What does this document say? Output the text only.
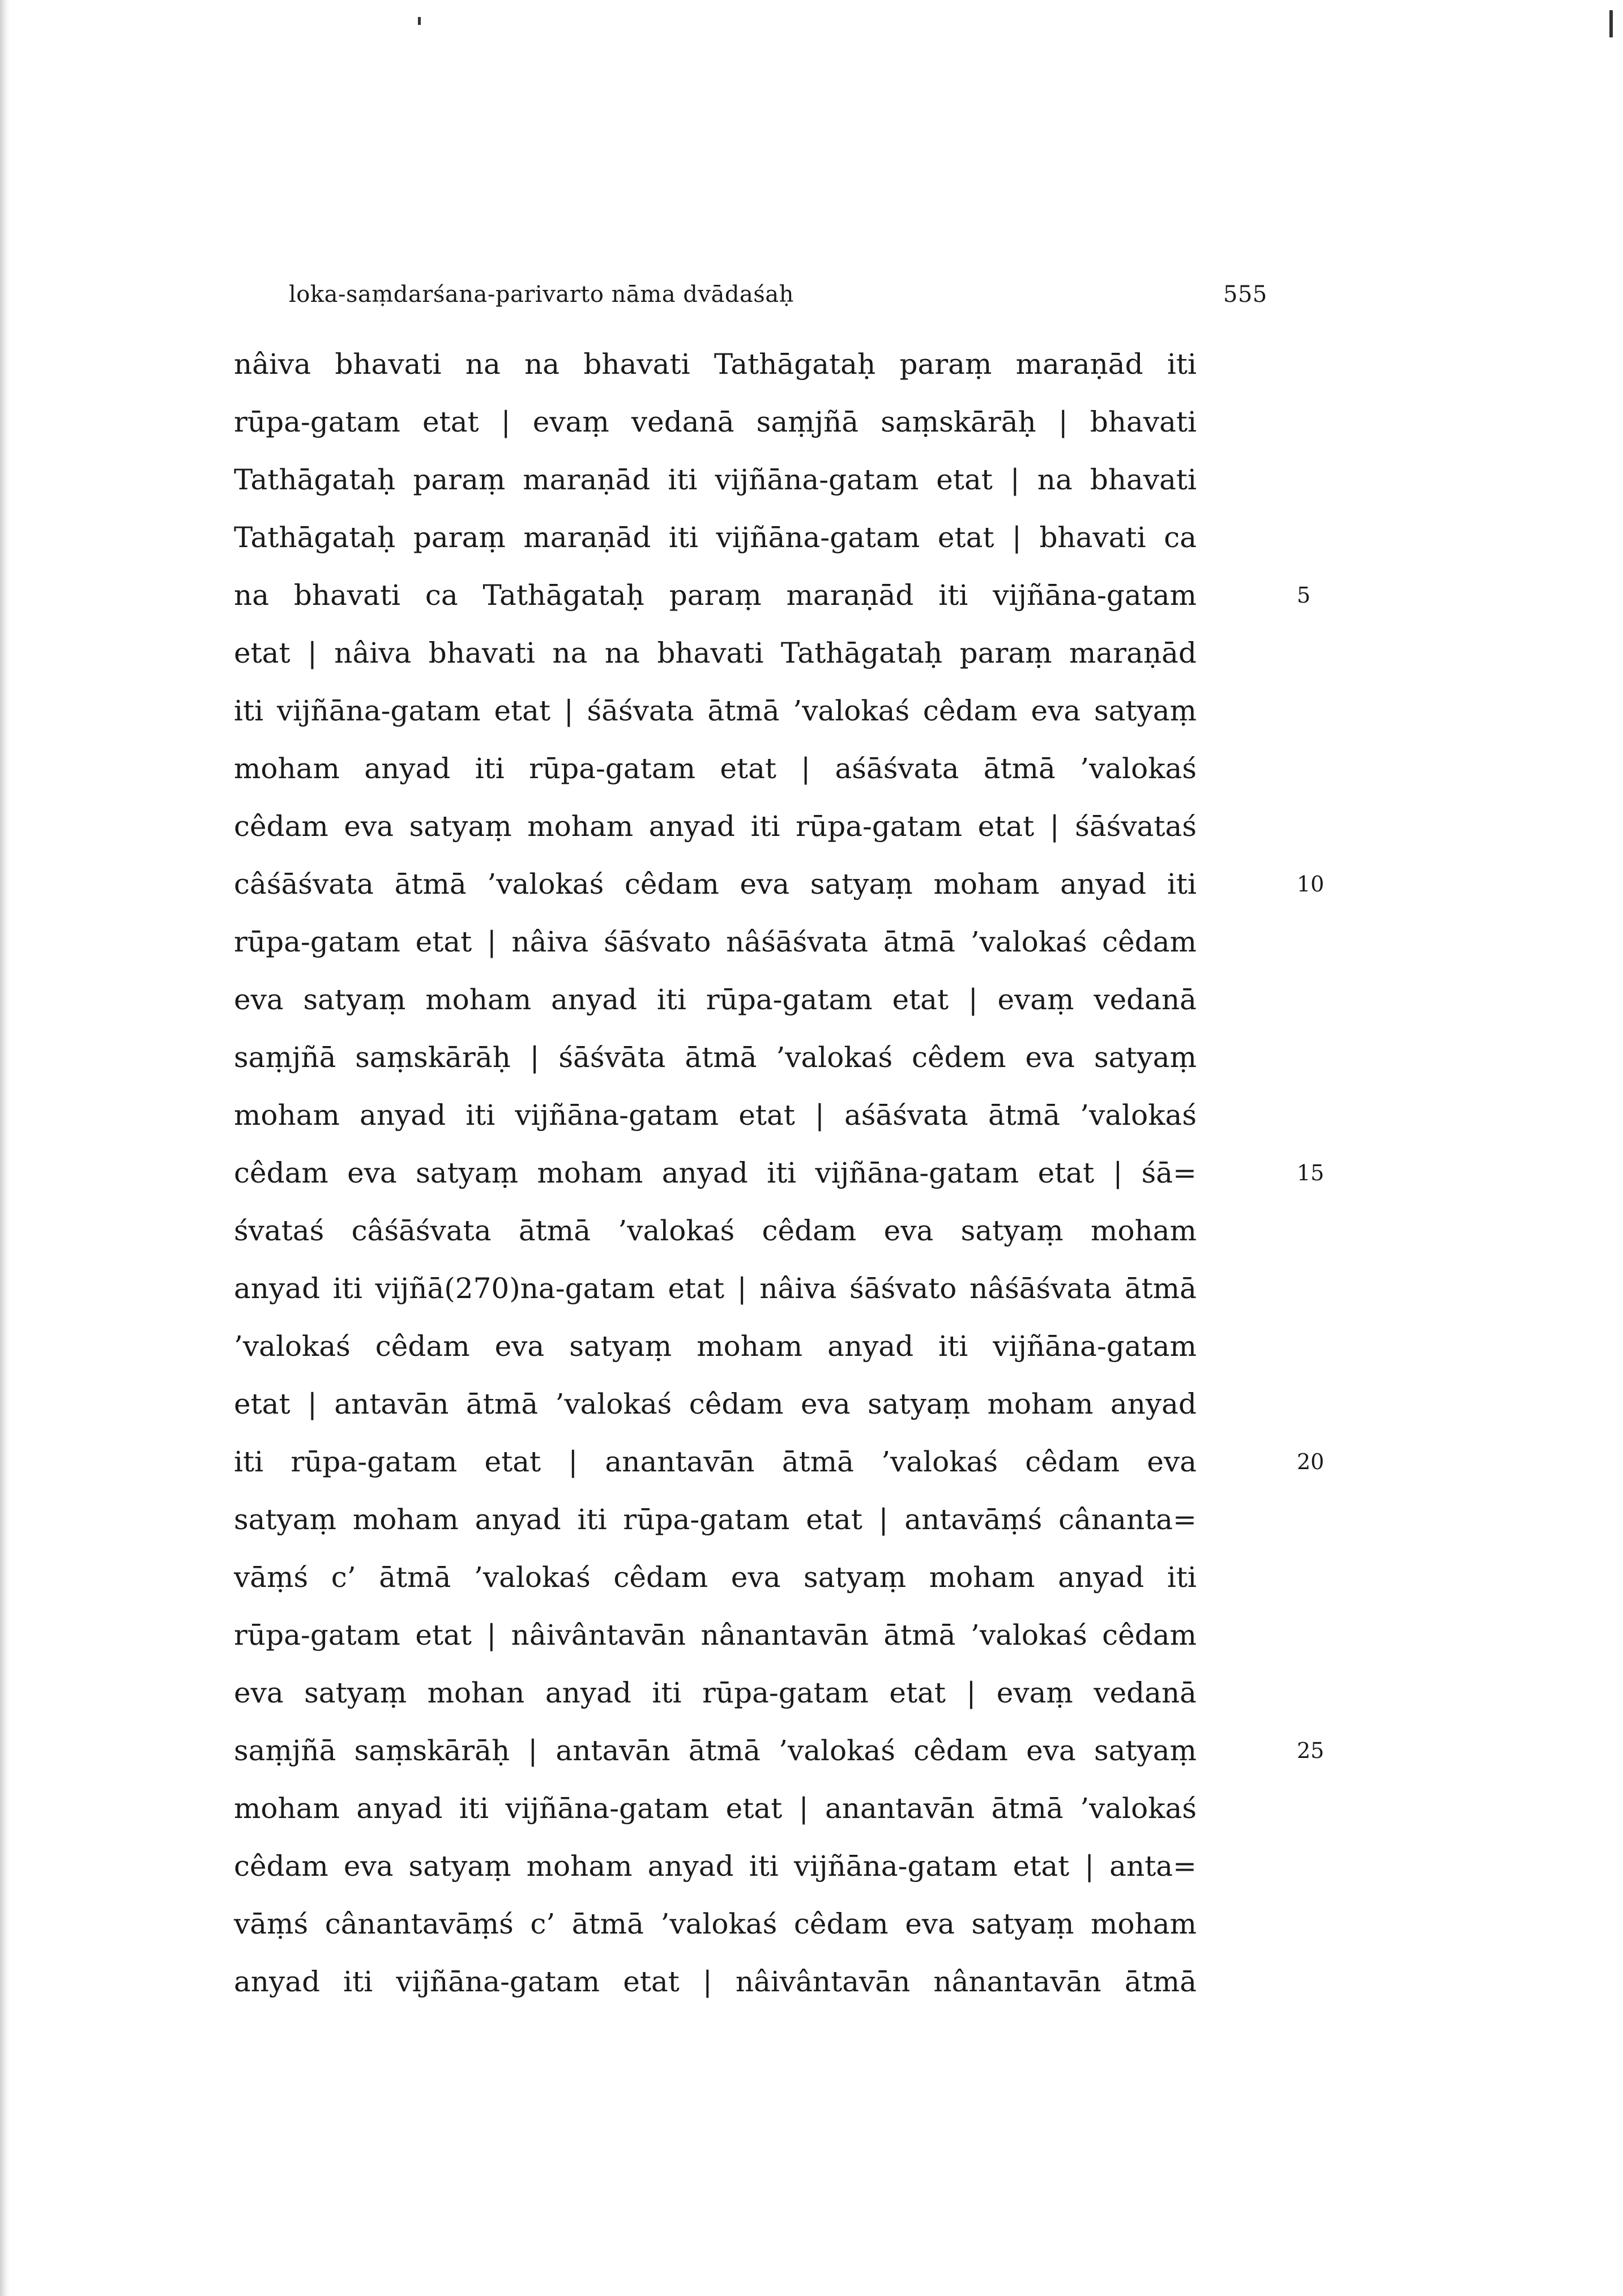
loka-saṃdarśana-parivarto nāma dvādaśaḥ	555
nâiva bhavati na na bhavati Tathāgataḥ paraṃ maraṇād iti
rūpa-gatam etat | evaṃ vedanā saṃjñā saṃskārāḥ | bhavati
Tathāgataḥ paraṃ maraṇād iti vijñāna-gatam etat | na bhavati
Tathāgataḥ paraṃ maraṇād iti vijñāna-gatam etat | bhavati ca
na bhavati ca Tathāgataḥ paraṃ maraṇād iti vijñāna-gatam
etat | nâiva bhavati na na bhavati Tathāgataḥ paraṃ maraṇād
iti vijñāna-gatam etat | śāśvata ātmā ’valokaś cêdam eva satyaṃ
moham anyad iti rūpa-gatam etat | aśāśvata ātmā ’valokaś
cêdam eva satyaṃ moham anyad iti rūpa-gatam etat | śāśvataś
câśāśvata ātmā ’valokaś cêdam eva satyaṃ moham anyad iti
rūpa-gatam etat | nâiva śāśvato nâśāśvata ātmā ’valokaś cêdam
eva satyaṃ moham anyad iti rūpa-gatam etat | evaṃ vedanā
saṃjñā saṃskārāḥ | śāśvāta ātmā ’valokaś cêdem eva satyaṃ
moham anyad iti vijñāna-gatam etat | aśāśvata ātmā ’valokaś
cêdam eva satyaṃ moham anyad iti vijñāna-gatam etat | śā=
śvataś câśāśvata ātmā ’valokaś cêdam eva satyaṃ moham
anyad iti vijñā(270)na-gatam etat | nâiva śāśvato nâśāśvata ātmā
’valokaś cêdam eva satyaṃ moham anyad iti vijñāna-gatam
etat | antavān ātmā ’valokaś cêdam eva satyaṃ moham anyad
iti rūpa-gatam etat | anantavān ātmā ’valokaś cêdam eva
satyaṃ moham anyad iti rūpa-gatam etat | antavāṃś cânanta=
vāṃś c’ ātmā ’valokaś cêdam eva satyaṃ moham anyad iti
rūpa-gatam etat | nâivântavān nânantavān ātmā ’valokaś cêdam
eva satyaṃ mohan anyad iti rūpa-gatam etat | evaṃ vedanā
saṃjñā saṃskārāḥ | antavān ātmā ’valokaś cêdam eva satyaṃ
moham anyad iti vijñāna-gatam etat | anantavān ātmā ’valokaś
cêdam eva satyaṃ moham anyad iti vijñāna-gatam etat | anta=
vāṃś cânantavāṃś c’ ātmā ’valokaś cêdam eva satyaṃ moham
anyad iti vijñāna-gatam etat | nâivântavān nânantavān ātmā
5
10
15
20
25
